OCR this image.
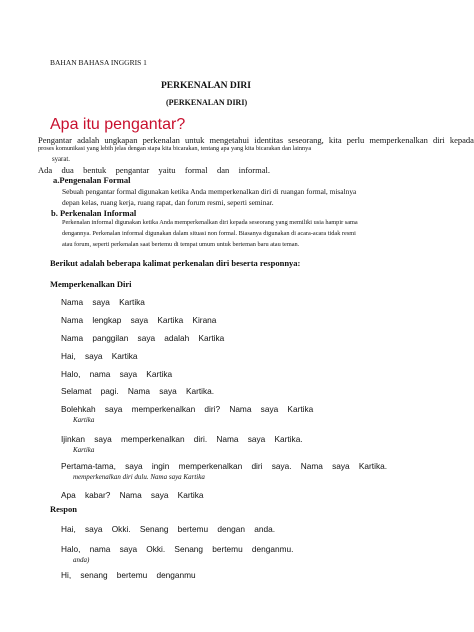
BAHAN BAHASA INGGRIS 1
PERKENALAN DIRI
(PERKENALAN DIRI)
Apa itu pengantar?
Pengantar adalah ungkapan perkenalan untuk mengetahui identitas seseorang, kita perlu memperkenalkan diri kepada
proses komunikasi yang lebih jelas dengan siapa kita bicarakan, tentang apa yang kita bicarakan dan lainnya
syarat.
Ada dua bentuk pengantar yaitu formal dan informal.
a.Pengenalan Formal
Sebuah pengantar formal digunakan ketika Anda memperkenalkan diri di ruangan formal, misalnya
depan kelas, ruang kerja, ruang rapat, dan forum resmi, seperti seminar.
b. Perkenalan Informal
Perkenalan informal digunakan ketika Anda memperkenalkan diri kepada seseorang yang memiliki usia hampir sama
dengannya. Perkenalan informal digunakan dalam situasi non formal. Biasanya digunakan di acara-acara tidak resmi
atau forum, seperti perkenalan saat bertemu di tempat umum untuk berteman baru atau teman.
Berikut adalah beberapa kalimat perkenalan diri beserta responnya:
Memperkenalkan Diri
Nama    saya    Kartika
Nama    lengkap    saya    Kartika    Kirana
Nama    panggilan    saya    adalah    Kartika
Hai,    saya    Kartika
Halo,    nama    saya    Kartika
Selamat    pagi.    Nama    saya    Kartika.
Bolehkah    saya    memperkenalkan    diri?    Nama    saya    Kartika
Kartika
Ijinkan    saya    memperkenalkan    diri.    Nama    saya    Kartika.
Kartika
Pertama-tama,    saya    ingin    memperkenalkan    diri    saya.    Nama    saya    Kartika.
memperkenalkan diri dulu. Nama saya Kartika
Apa    kabar?    Nama    saya    Kartika
Respon
Hai,    saya    Okki.    Senang    bertemu    dengan    anda.
Halo,    nama    saya    Okki.    Senang    bertemu    denganmu.
anda)
Hi,    senang    bertemu    denganmu
